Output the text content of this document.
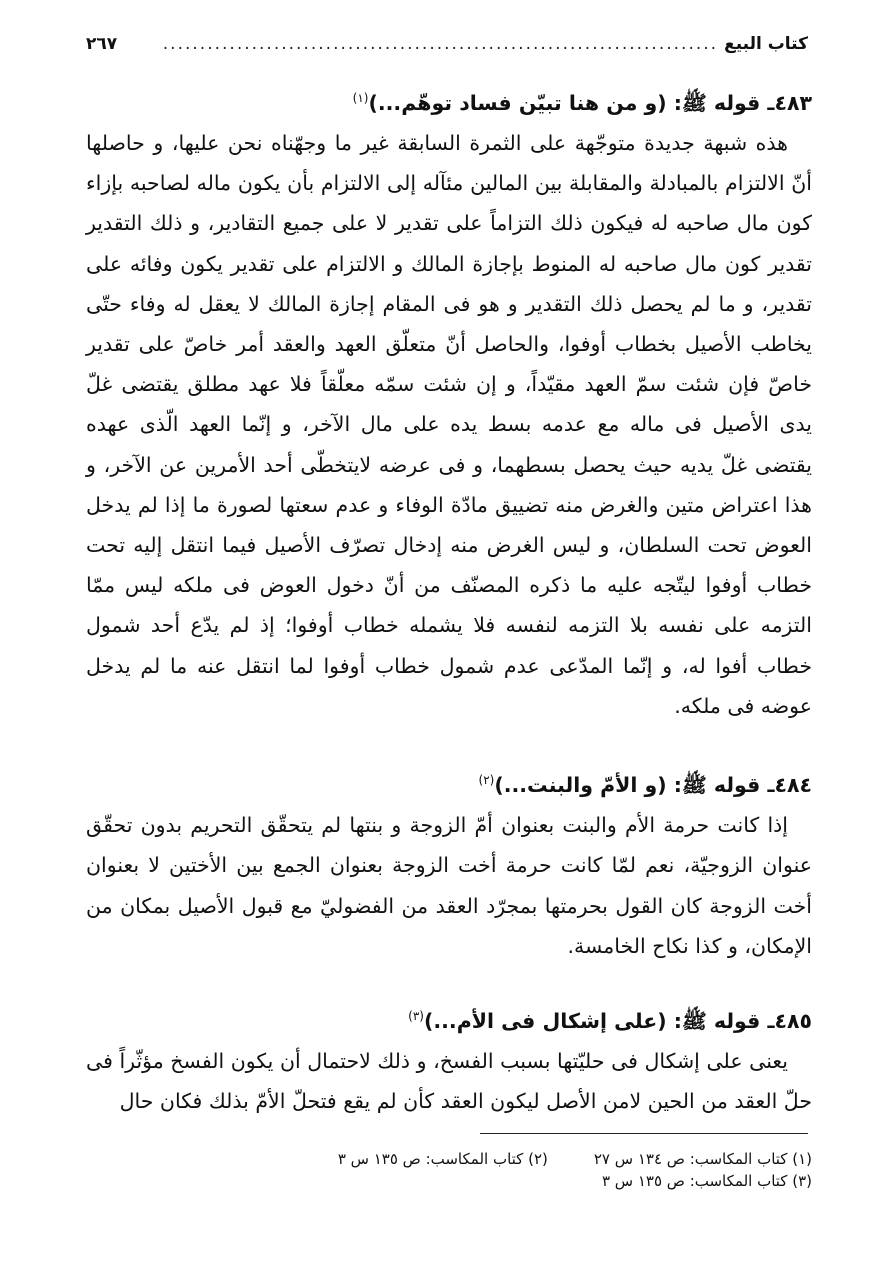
كتاب البيع
...........................................................................
٢٦٧

٤٨٣ـ قوله ﷺ: (و من هنا تبيّن فساد توهّم...)$^{(١)}$

هذه شبهة جديدة متوجّهة على الثمرة السابقة غير ما وجهّناه نحن عليها، و حاصلها أنّ الالتزام بالمبادلة والمقابلة بين المالين مئآله إلى الالتزام بأن يكون ماله لصاحبه بإزاء كون مال صاحبه له فيكون ذلك التزاماً على تقدير لا على جميع التقادير، و ذلك التقدير تقدير كون مال صاحبه له المنوط بإجازة المالك و الالتزام على تقدير يكون وفائه على تقدير، و ما لم يحصل ذلك التقدير و هو فى المقام إجازة المالك لا يعقل له وفاء حتّى يخاطب الأصيل بخطاب أوفوا، والحاصل أنّ متعلّق العهد والعقد أمر خاصّ على تقدير خاصّ فإن شئت سمّ العهد مقيّداً، و إن شئت سمّه معلّقاً فلا عهد مطلق يقتضى غلّ يدى الأصيل فى ماله مع عدمه بسط يده على مال الآخر، و إنّما العهد الّذى عهده يقتضى غلّ يديه حيث يحصل بسطهما، و فى عرضه لايتخطّى أحد الأمرين عن الآخر، و هذا اعتراض متين والغرض منه تضييق مادّة الوفاء و عدم سعتها لصورة ما إذا لم يدخل العوض تحت السلطان، و ليس الغرض منه إدخال تصرّف الأصيل فيما انتقل إليه تحت خطاب أوفوا ليتّجه عليه ما ذكره المصنّف من أنّ دخول العوض فى ملكه ليس ممّا التزمه على نفسه بلا التزمه لنفسه فلا يشمله خطاب أوفوا؛ إذ لم يدّع أحد شمول خطاب أفوا له، و إنّما المدّعى عدم شمول خطاب أوفوا لما انتقل عنه ما لم يدخل عوضه فى ملكه.

٤٨٤ـ قوله ﷺ: (و الأمّ والبنت...)$^{(٢)}$

إذا كانت حرمة الأم والبنت بعنوان أمّ الزوجة و بنتها لم يتحقّق التحريم بدون تحقّق عنوان الزوجيّة، نعم لمّا كانت حرمة أخت الزوجة بعنوان الجمع بين الأختين لا بعنوان أخت الزوجة كان القول بحرمتها بمجرّد العقد من الفضوليّ مع قبول الأصيل بمكان من الإمكان، و كذا نكاح الخامسة.

٤٨٥ـ قوله ﷺ: (على إشكال فى الأم...)$^{(٣)}$

يعنى على إشكال فى حليّتها بسبب الفسخ، و ذلك لاحتمال أن يكون الفسخ مؤثّراً فى حلّ العقد من الحين لامن الأصل ليكون العقد كأن لم يقع فتحلّ الأمّ بذلك فكان حال

(١) كتاب المكاسب: ص ١٣٤ س ٢٧
(٢) كتاب المكاسب: ص ١٣٥ س ٣
(٣) كتاب المكاسب: ص ١٣٥ س ٣
